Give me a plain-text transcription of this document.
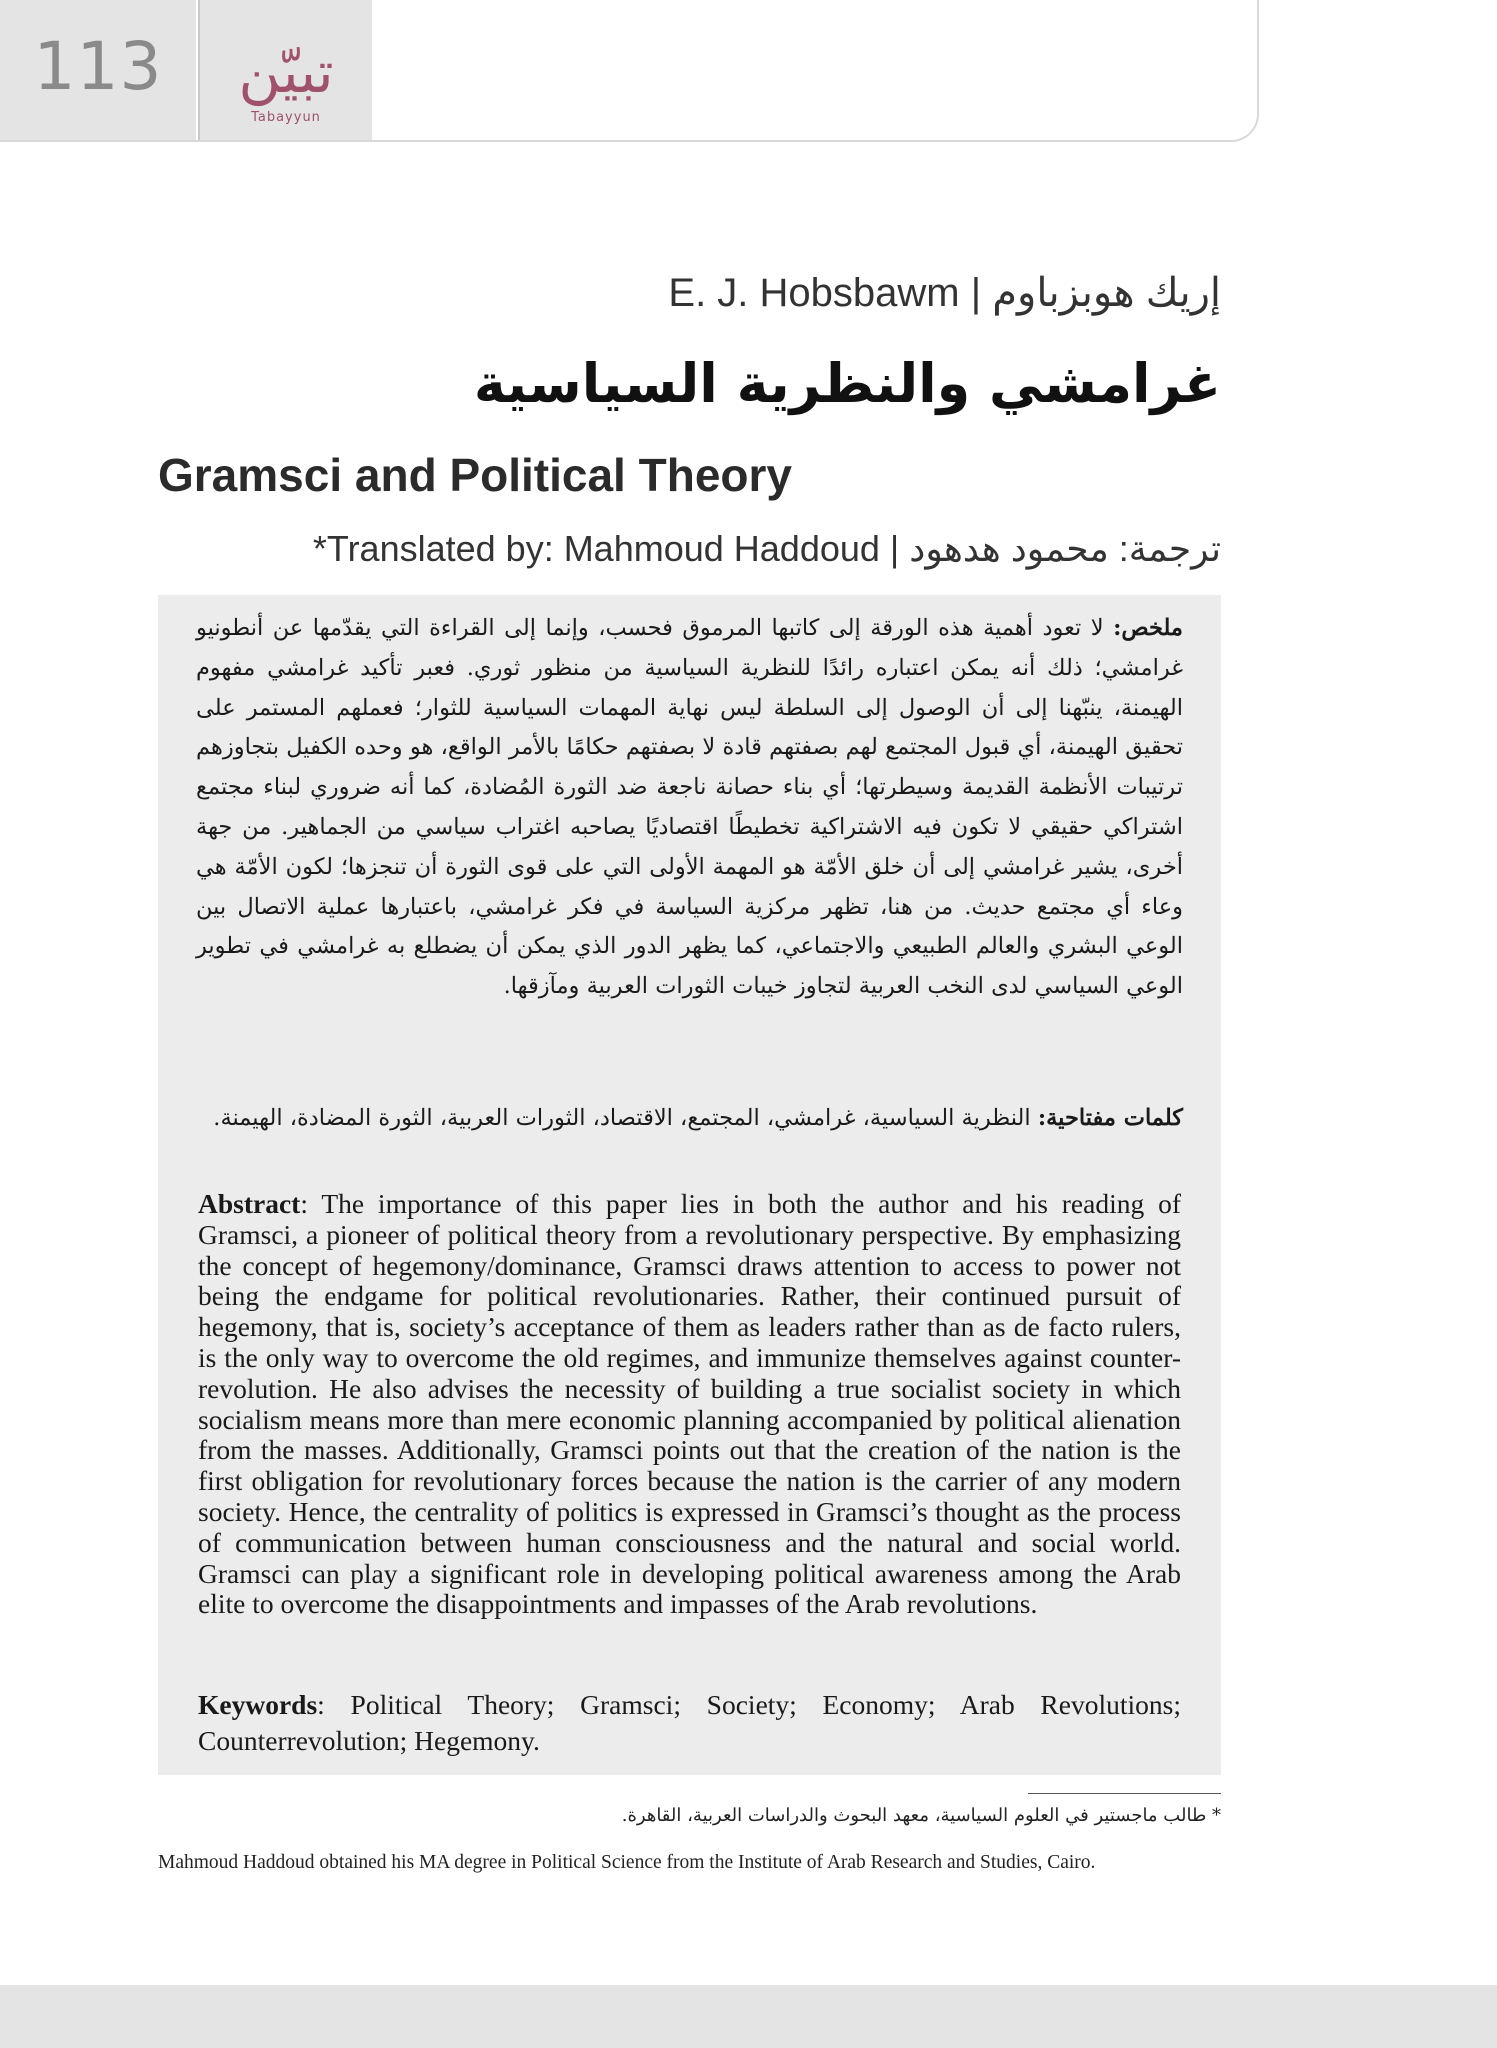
113	تبيّن
Tabayyun
E. J. Hobsbawm | إريك هوبزباوم
غرامشي والنظرية السياسية
Gramsci and Political Theory
*Translated by: Mahmoud Haddoud | ترجمة: محمود هدهود
ملخص: لا تعود أهمية هذه الورقة إلى كاتبها المرموق فحسب، وإنما إلى القراءة التي يقدّمها عن أنطونيو غرامشي؛ ذلك أنه يمكن اعتباره رائدًا للنظرية السياسية من منظور ثوري. فعبر تأكيد غرامشي مفهوم الهيمنة، ينبّهنا إلى أن الوصول إلى السلطة ليس نهاية المهمات السياسية للثوار؛ فعملهم المستمر على تحقيق الهيمنة، أي قبول المجتمع لهم بصفتهم قادة لا بصفتهم حكامًا بالأمر الواقع، هو وحده الكفيل بتجاوزهم ترتيبات الأنظمة القديمة وسيطرتها؛ أي بناء حصانة ناجعة ضد الثورة المُضادة، كما أنه ضروري لبناء مجتمع اشتراكي حقيقي لا تكون فيه الاشتراكية تخطيطًا اقتصاديًا يصاحبه اغتراب سياسي من الجماهير. من جهة أخرى، يشير غرامشي إلى أن خلق الأمّة هو المهمة الأولى التي على قوى الثورة أن تنجزها؛ لكون الأمّة هي وعاء أي مجتمع حديث. من هنا، تظهر مركزية السياسة في فكر غرامشي، باعتبارها عملية الاتصال بين الوعي البشري والعالم الطبيعي والاجتماعي، كما يظهر الدور الذي يمكن أن يضطلع به غرامشي في تطوير الوعي السياسي لدى النخب العربية لتجاوز خيبات الثورات العربية ومآزقها.
كلمات مفتاحية: النظرية السياسية، غرامشي، المجتمع، الاقتصاد، الثورات العربية، الثورة المضادة، الهيمنة.
Abstract: The importance of this paper lies in both the author and his reading of Gramsci, a pioneer of political theory from a revolutionary perspective. By emphasizing the concept of hegemony/dominance, Gramsci draws attention to access to power not being the endgame for political revolutionaries. Rather, their continued pursuit of hegemony, that is, society’s acceptance of them as leaders rather than as de facto rulers, is the only way to overcome the old regimes, and immunize themselves against counter-revolution. He also advises the necessity of building a true socialist society in which socialism means more than mere economic planning accompanied by political alienation from the masses. Additionally, Gramsci points out that the creation of the nation is the first obligation for revolutionary forces because the nation is the carrier of any modern society. Hence, the centrality of politics is expressed in Gramsci’s thought as the process of communication between human consciousness and the natural and social world. Gramsci can play a significant role in developing political awareness among the Arab elite to overcome the disappointments and impasses of the Arab revolutions.
Keywords: Political Theory; Gramsci; Society; Economy; Arab Revolutions; Counterrevolution; Hegemony.
* طالب ماجستير في العلوم السياسية، معهد البحوث والدراسات العربية، القاهرة.
Mahmoud Haddoud obtained his MA degree in Political Science from the Institute of Arab Research and Studies, Cairo.
